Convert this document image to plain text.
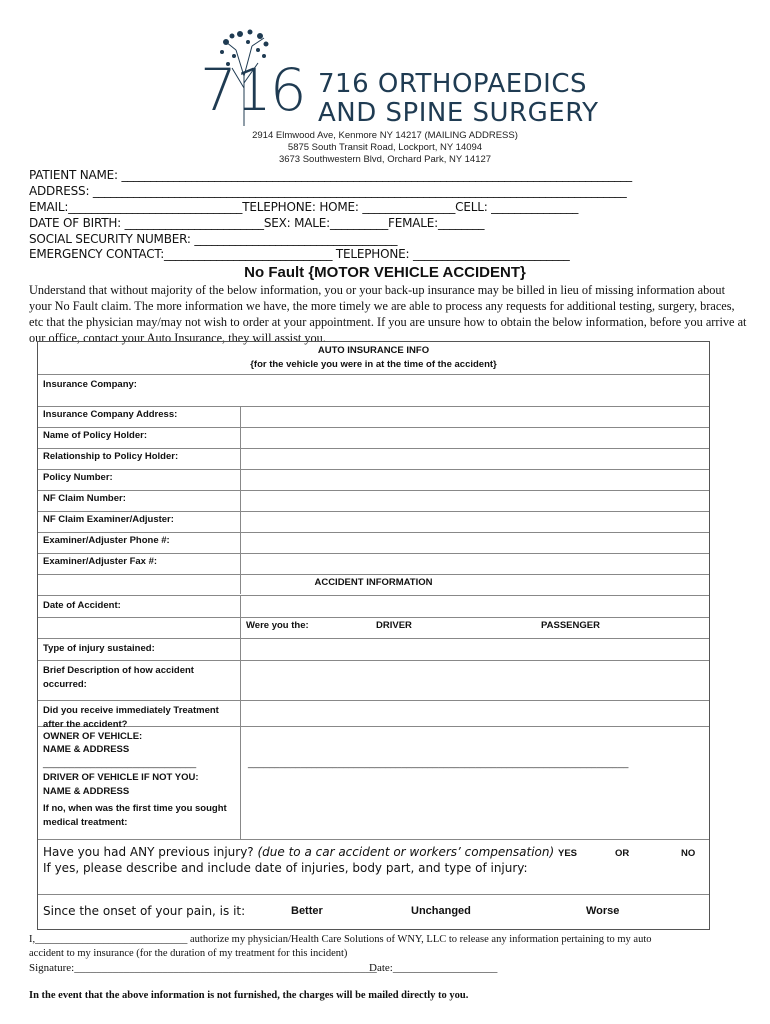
716 716 ORTHOPAEDICS
AND SPINE SURGERY
2914 Elmwood Ave, Kenmore NY 14217 (MAILING ADDRESS)
5875 South Transit Road, Lockport, NY 14094
3673 Southwestern Blvd, Orchard Park, NY 14127
PATIENT NAME: ________________________________________________________________________________________
ADDRESS: ____________________________________________________________________________________________
EMAIL:______________________________TELEPHONE: HOME: ________________CELL: _______________
DATE OF BIRTH: ________________________SEX: MALE:__________FEMALE:________
SOCIAL SECURITY NUMBER: ___________________________________
EMERGENCY CONTACT:_____________________________ TELEPHONE: ___________________________
No Fault {MOTOR VEHICLE ACCIDENT}
Understand that without majority of the below information, you or your back-up insurance may be billed in lieu of missing information about your No Fault claim. The more information we have, the more timely we are able to process any requests for additional testing, surgery, braces, etc that the physician may/may not wish to order at your appointment. If you are unsure how to obtain the below information, before you arrive at our office, contact your Auto Insurance, they will assist you.
AUTO INSURANCE INFO
{for the vehicle you were in at the time of the accident}
Insurance Company:
Insurance Company Address:
Name of Policy Holder:
Relationship to Policy Holder:
Policy Number:
NF Claim Number:
NF Claim Examiner/Adjuster:
Examiner/Adjuster Phone #:
Examiner/Adjuster Fax #:
ACCIDENT INFORMATION
Date of Accident:
Were you the:	DRIVER	PASSENGER
Type of injury sustained:
Brief Description of how accident occurred:
Did you receive immediately Treatment after the accident?
OWNER OF VEHICLE:
NAME & ADDRESS
_____________________________	________________________________________________________________________
DRIVER OF VEHICLE IF NOT YOU:
NAME & ADDRESS
If no, when was the first time you sought medical treatment:
Have you had ANY previous injury? (due to a car accident or workers’ compensation) YES	OR	NO
If yes, please describe and include date of injuries, body part, and type of injury:
Since the onset of your pain, is it:	Better	Unchanged	Worse
I,_____________________________ authorize my physician/Health Care Solutions of WNY, LLC to release any information pertaining to my auto
accident to my insurance (for the duration of my treatment for this incident)
Signature:_______________________________________________________
Date:___________________
In the event that the above information is not furnished, the charges will be mailed directly to you.
